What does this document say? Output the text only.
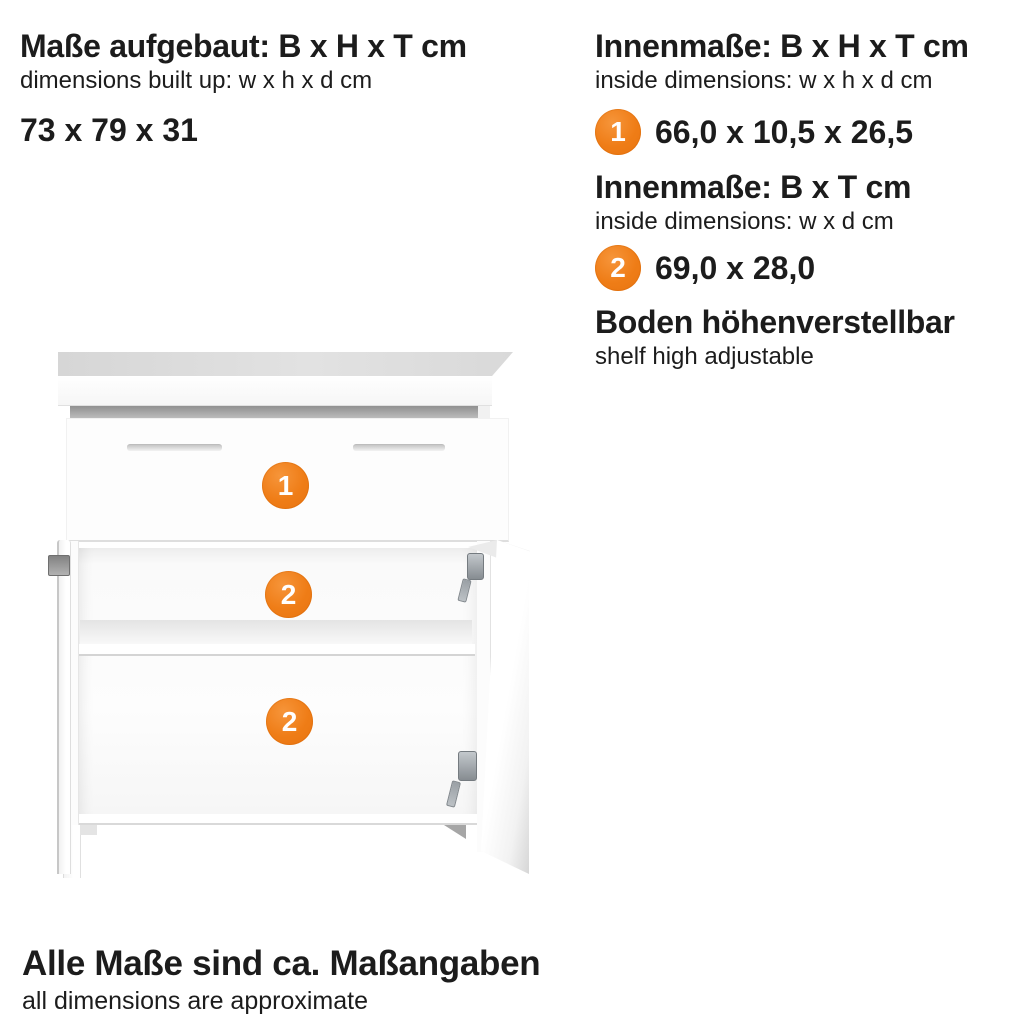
Maße aufgebaut: B x H x T cm
dimensions built up: w x h x d cm
73 x 79 x 31
Innenmaße: B x H x T cm
inside dimensions: w x h x d cm
1 66,0 x 10,5 x 26,5
Innenmaße: B x T cm
inside dimensions: w x d cm
2 69,0 x 28,0
Boden höhenverstellbar
shelf high adjustable
1
2
2
Alle Maße sind ca. Maßangaben
all dimensions are approximate
